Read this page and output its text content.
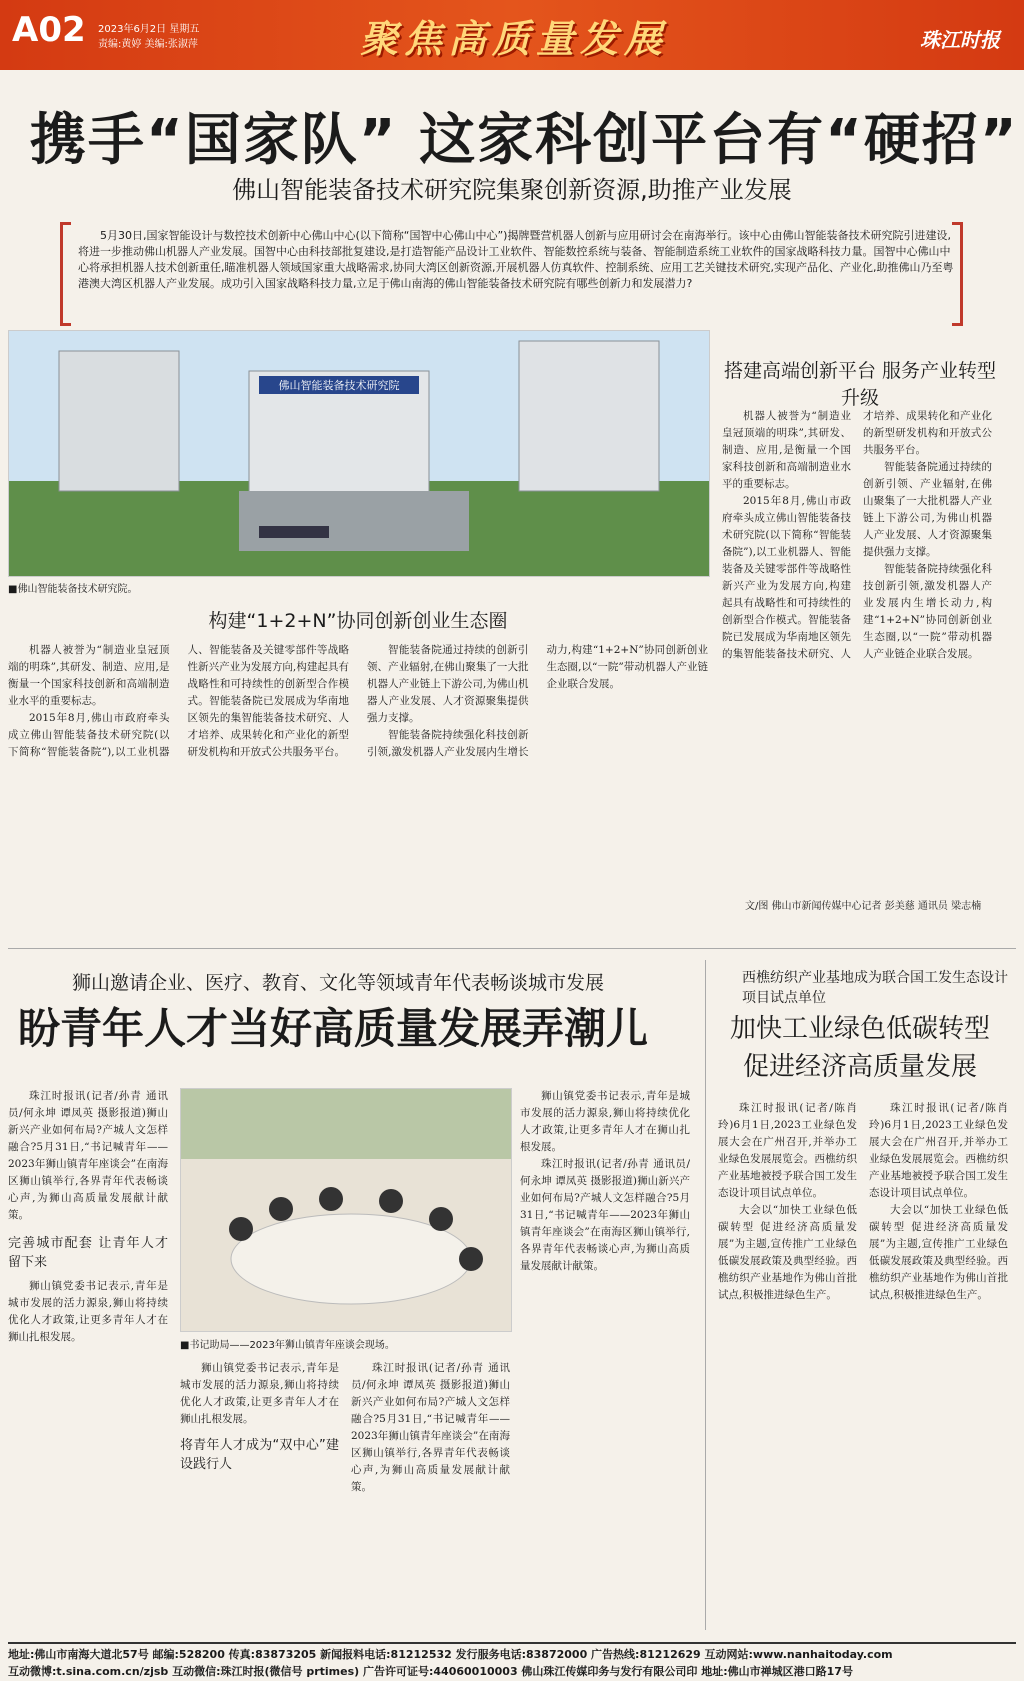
A02 2023年6月2日 星期五
责编:黄婷 美编:张淑萍	聚焦高质量发展	珠江时报
携手“国家队” 这家科创平台有“硬招”
佛山智能装备技术研究院集聚创新资源,助推产业发展
5月30日,国家智能设计与数控技术创新中心佛山中心(以下简称“国智中心佛山中心”)揭牌暨营机器人创新与应用研讨会在南海举行。该中心由佛山智能装备技术研究院引进建设,将进一步推动佛山机器人产业发展。国智中心由科技部批复建设,是打造智能产品设计工业软件、智能数控系统与装备、智能制造系统工业软件的国家战略科技力量。国智中心佛山中心将承担机器人技术创新重任,瞄准机器人领域国家重大战略需求,协同大湾区创新资源,开展机器人仿真软件、控制系统、应用工艺关键技术研究,实现产品化、产业化,助推佛山乃至粤港澳大湾区机器人产业发展。成功引入国家战略科技力量,立足于佛山南海的佛山智能装备技术研究院有哪些创新力和发展潜力?
佛山智能装备技术研究院
■佛山智能装备技术研究院。
搭建高端创新平台 服务产业转型升级

机器人被誉为“制造业皇冠顶端的明珠”,其研发、制造、应用,是衡量一个国家科技创新和高端制造业水平的重要标志。

2015年8月,佛山市政府牵头成立佛山智能装备技术研究院(以下简称“智能装备院”),以工业机器人、智能装备及关键零部件等战略性新兴产业为发展方向,构建起具有战略性和可持续性的创新型合作模式。智能装备院已发展成为华南地区领先的集智能装备技术研究、人才培养、成果转化和产业化的新型研发机构和开放式公共服务平台。

智能装备院通过持续的创新引领、产业辐射,在佛山聚集了一大批机器人产业链上下游公司,为佛山机器人产业发展、人才资源聚集提供强力支撑。

智能装备院持续强化科技创新引领,激发机器人产业发展内生增长动力,构建“1+2+N”协同创新创业生态圈,以“一院”带动机器人产业链企业联合发展。

文/图 佛山市新闻传媒中心记者 彭美慈 通讯员 梁志楠
构建“1+2+N”协同创新创业生态圈

机器人被誉为“制造业皇冠顶端的明珠”,其研发、制造、应用,是衡量一个国家科技创新和高端制造业水平的重要标志。

2015年8月,佛山市政府牵头成立佛山智能装备技术研究院(以下简称“智能装备院”),以工业机器人、智能装备及关键零部件等战略性新兴产业为发展方向,构建起具有战略性和可持续性的创新型合作模式。智能装备院已发展成为华南地区领先的集智能装备技术研究、人才培养、成果转化和产业化的新型研发机构和开放式公共服务平台。

智能装备院通过持续的创新引领、产业辐射,在佛山聚集了一大批机器人产业链上下游公司,为佛山机器人产业发展、人才资源聚集提供强力支撑。

智能装备院持续强化科技创新引领,激发机器人产业发展内生增长动力,构建“1+2+N”协同创新创业生态圈,以“一院”带动机器人产业链企业联合发展。

狮山邀请企业、医疗、教育、文化等领域青年代表畅谈城市发展
盼青年人才当好高质量发展弄潮儿

珠江时报讯(记者/孙青 通讯员/何永坤 谭凤英 摄影报道)狮山新兴产业如何布局?产城人文怎样融合?5月31日,“书记喊青年——2023年狮山镇青年座谈会”在南海区狮山镇举行,各界青年代表畅谈心声,为狮山高质量发展献计献策。

完善城市配套 让青年人才留下来

狮山镇党委书记表示,青年是城市发展的活力源泉,狮山将持续优化人才政策,让更多青年人才在狮山扎根发展。

■书记助局——2023年狮山镇青年座谈会现场。

狮山镇党委书记表示,青年是城市发展的活力源泉,狮山将持续优化人才政策,让更多青年人才在狮山扎根发展。

将青年人才成为“双中心”建设践行人

珠江时报讯(记者/孙青 通讯员/何永坤 谭凤英 摄影报道)狮山新兴产业如何布局?产城人文怎样融合?5月31日,“书记喊青年——2023年狮山镇青年座谈会”在南海区狮山镇举行,各界青年代表畅谈心声,为狮山高质量发展献计献策。

狮山镇党委书记表示,青年是城市发展的活力源泉,狮山将持续优化人才政策,让更多青年人才在狮山扎根发展。

珠江时报讯(记者/孙青 通讯员/何永坤 谭凤英 摄影报道)狮山新兴产业如何布局?产城人文怎样融合?5月31日,“书记喊青年——2023年狮山镇青年座谈会”在南海区狮山镇举行,各界青年代表畅谈心声,为狮山高质量发展献计献策。

西樵纺织产业基地成为联合国工发生态设计项目试点单位
加快工业绿色低碳转型 促进经济高质量发展

珠江时报讯(记者/陈肖玲)6月1日,2023工业绿色发展大会在广州召开,并举办工业绿色发展展览会。西樵纺织产业基地被授予联合国工发生态设计项目试点单位。

大会以“加快工业绿色低碳转型 促进经济高质量发展”为主题,宣传推广工业绿色低碳发展政策及典型经验。西樵纺织产业基地作为佛山首批试点,积极推进绿色生产。

珠江时报讯(记者/陈肖玲)6月1日,2023工业绿色发展大会在广州召开,并举办工业绿色发展展览会。西樵纺织产业基地被授予联合国工发生态设计项目试点单位。

大会以“加快工业绿色低碳转型 促进经济高质量发展”为主题,宣传推广工业绿色低碳发展政策及典型经验。西樵纺织产业基地作为佛山首批试点,积极推进绿色生产。

地址:佛山市南海大道北57号 邮编:528200 传真:83873205 新闻报料电话:81212532 发行服务电话:83872000 广告热线:81212629 互动网站:www.nanhaitoday.com
互动微博:t.sina.com.cn/zjsb 互动微信:珠江时报(微信号 prtimes) 广告许可证号:44060010003 佛山珠江传媒印务与发行有限公司印 地址:佛山市禅城区港口路17号
